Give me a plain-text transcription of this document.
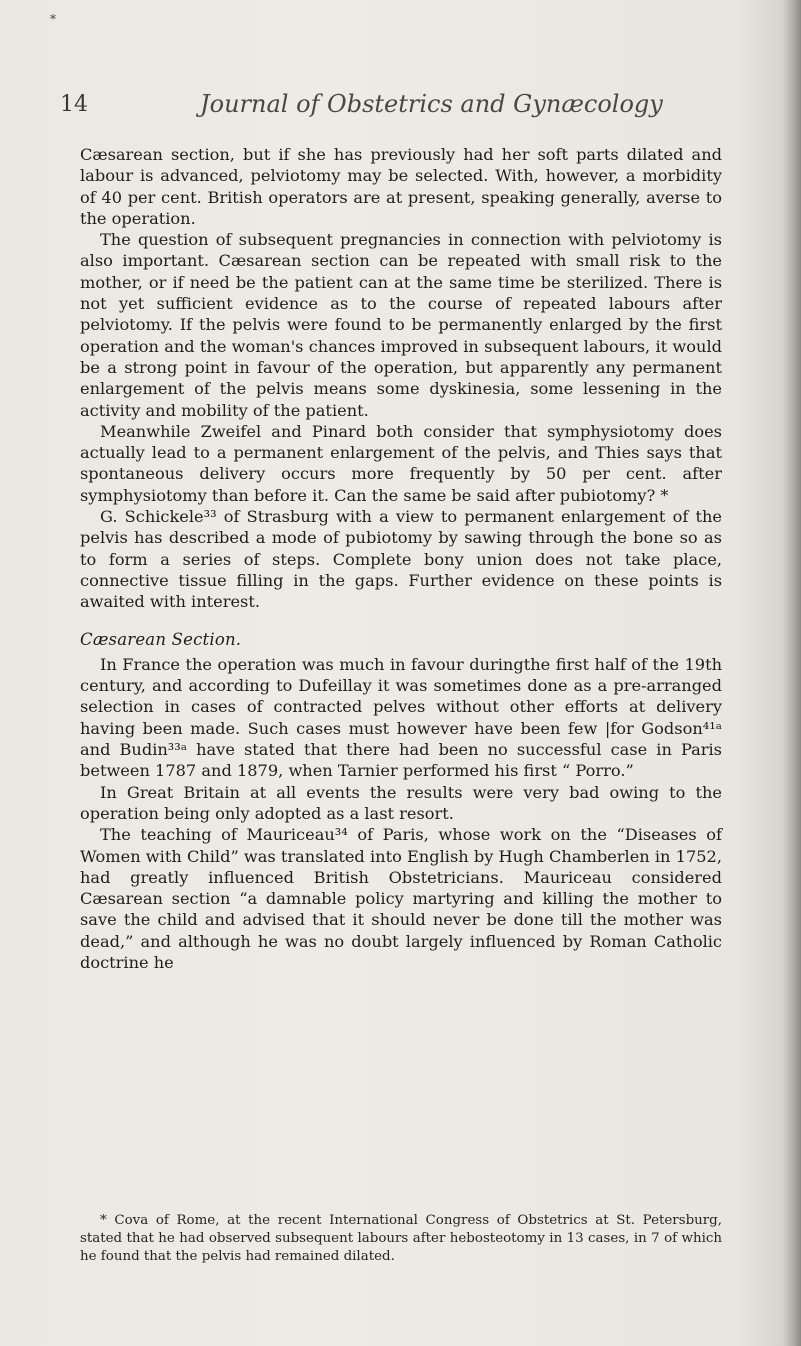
*
14	Journal of Obstetrics and Gynæcology

Cæsarean section, but if she has previously had her soft parts dilated and labour is advanced, pelviotomy may be selected. With, however, a morbidity of 40 per cent. British operators are at present, speaking generally, averse to the operation.

The question of subsequent pregnancies in connection with pelviotomy is also important. Cæsarean section can be repeated with small risk to the mother, or if need be the patient can at the same time be sterilized. There is not yet sufficient evidence as to the course of repeated labours after pelviotomy. If the pelvis were found to be permanently enlarged by the first operation and the woman's chances improved in subsequent labours, it would be a strong point in favour of the operation, but apparently any permanent enlargement of the pelvis means some dyskinesia, some lessening in the activity and mobility of the patient.

Meanwhile Zweifel and Pinard both consider that symphysiotomy does actually lead to a permanent enlargement of the pelvis, and Thies says that spontaneous delivery occurs more frequently by 50 per cent. after symphysiotomy than before it. Can the same be said after pubiotomy? *

G. Schickele³³ of Strasburg with a view to permanent enlargement of the pelvis has described a mode of pubiotomy by sawing through the bone so as to form a series of steps. Complete bony union does not take place, connective tissue filling in the gaps. Further evidence on these points is awaited with interest.

Cæsarean Section.

In France the operation was much in favour duringthe first half of the 19th century, and according to Dufeillay it was sometimes done as a pre-arranged selection in cases of contracted pelves without other efforts at delivery having been made. Such cases must however have been few |for Godson⁴¹ᵃ and Budin³³ᵃ have stated that there had been no successful case in Paris between 1787 and 1879, when Tarnier performed his first “ Porro.”

In Great Britain at all events the results were very bad owing to the operation being only adopted as a last resort.

The teaching of Mauriceau³⁴ of Paris, whose work on the “Diseases of Women with Child” was translated into English by Hugh Chamberlen in 1752, had greatly influenced British Obstetricians. Mauriceau considered Cæsarean section “a damnable policy martyring and killing the mother to save the child and advised that it should never be done till the mother was dead,” and although he was no doubt largely influenced by Roman Catholic doctrine he

* Cova of Rome, at the recent International Congress of Obstetrics at St. Petersburg, stated that he had observed subsequent labours after hebosteotomy in 13 cases, in 7 of which he found that the pelvis had remained dilated.
